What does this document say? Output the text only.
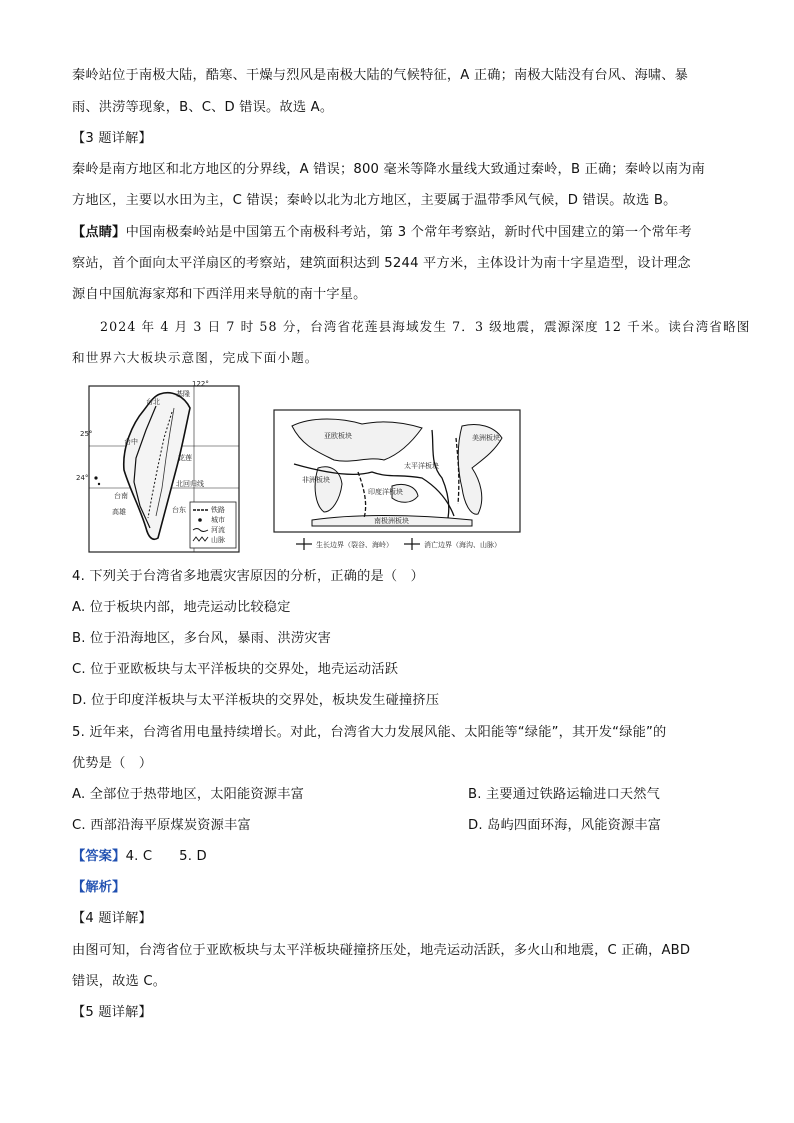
秦岭站位于南极大陆，酷寒、干燥与烈风是南极大陆的气候特征，A 正确；南极大陆没有台风、海啸、暴
雨、洪涝等现象，B、C、D 错误。故选 A。
【3 题详解】
秦岭是南方地区和北方地区的分界线，A 错误；800 毫米等降水量线大致通过秦岭，B 正确；秦岭以南为南
方地区，主要以水田为主，C 错误；秦岭以北为北方地区，主要属于温带季风气候，D 错误。故选 B。
【点睛】中国南极秦岭站是中国第五个南极科考站，第 3 个常年考察站，新时代中国建立的第一个常年考
察站，首个面向太平洋扇区的考察站，建筑面积达到 5244 平方米，主体设计为南十字星造型，设计理念
源自中国航海家郑和下西洋用来导航的南十字星。
2024 年 4 月 3 日 7 时 58 分，台湾省花莲县海域发生 7．3 级地震，震源深度 12 千米。读台湾省略图
和世界六大板块示意图，完成下面小题。
122°
25°
24°
台北
基隆
花莲
台中
台南
高雄
北回归线
台东	铁路
城市
河流
山脉
亚欧板块
太平洋板块
非洲板块
印度洋板块
美洲板块
南极洲板块
生长边界（裂谷、海岭）	消亡边界（海沟、山脉）
4. 下列关于台湾省多地震灾害原因的分析，正确的是（　）
A. 位于板块内部，地壳运动比较稳定
B. 位于沿海地区，多台风，暴雨、洪涝灾害
C. 位于亚欧板块与太平洋板块的交界处，地壳运动活跃
D. 位于印度洋板块与太平洋板块的交界处，板块发生碰撞挤压
5. 近年来，台湾省用电量持续增长。对此，台湾省大力发展风能、太阳能等“绿能”，其开发“绿能”的
优势是（　）
A. 全部位于热带地区，太阳能资源丰富	B. 主要通过铁路运输进口天然气
C. 西部沿海平原煤炭资源丰富	D. 岛屿四面环海，风能资源丰富
【答案】4. C　　5. D
【解析】
【4 题详解】
由图可知，台湾省位于亚欧板块与太平洋板块碰撞挤压处，地壳运动活跃，多火山和地震，C 正确，ABD
错误，故选 C。
【5 题详解】
